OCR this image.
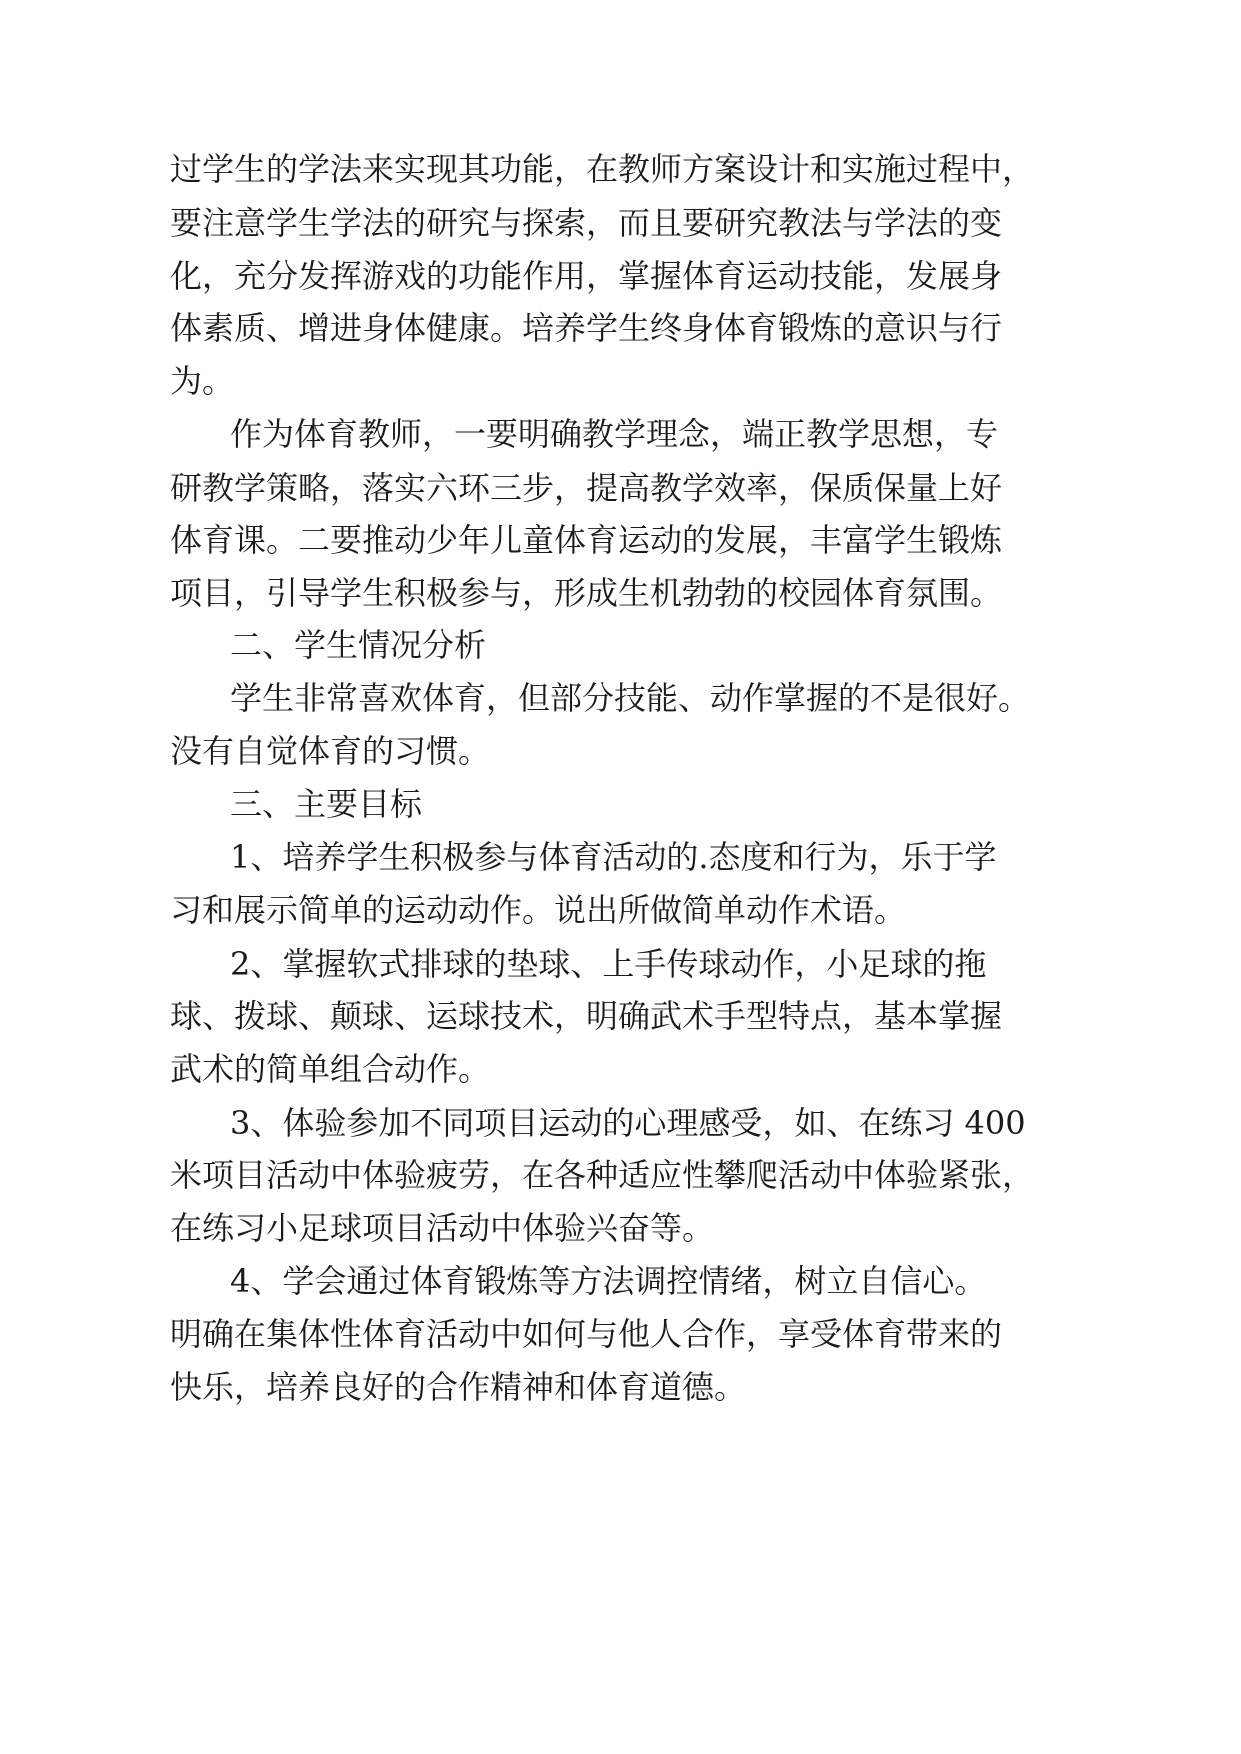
过学生的学法来实现其功能，在教师方案设计和实施过程中，
要注意学生学法的研究与探索，而且要研究教法与学法的变
化，充分发挥游戏的功能作用，掌握体育运动技能，发展身
体素质、增进身体健康。培养学生终身体育锻炼的意识与行
为。
作为体育教师，一要明确教学理念，端正教学思想，专
研教学策略，落实六环三步，提高教学效率，保质保量上好
体育课。二要推动少年儿童体育运动的发展，丰富学生锻炼
项目，引导学生积极参与，形成生机勃勃的校园体育氛围。
二、学生情况分析
学生非常喜欢体育，但部分技能、动作掌握的不是很好。
没有自觉体育的习惯。
三、主要目标
1、培养学生积极参与体育活动的.态度和行为，乐于学
习和展示简单的运动动作。说出所做简单动作术语。
2、掌握软式排球的垫球、上手传球动作，小足球的拖
球、拨球、颠球、运球技术，明确武术手型特点，基本掌握
武术的简单组合动作。
3、体验参加不同项目运动的心理感受，如、在练习 400
米项目活动中体验疲劳，在各种适应性攀爬活动中体验紧张，
在练习小足球项目活动中体验兴奋等。
4、学会通过体育锻炼等方法调控情绪，树立自信心。
明确在集体性体育活动中如何与他人合作，享受体育带来的
快乐，培养良好的合作精神和体育道德。
